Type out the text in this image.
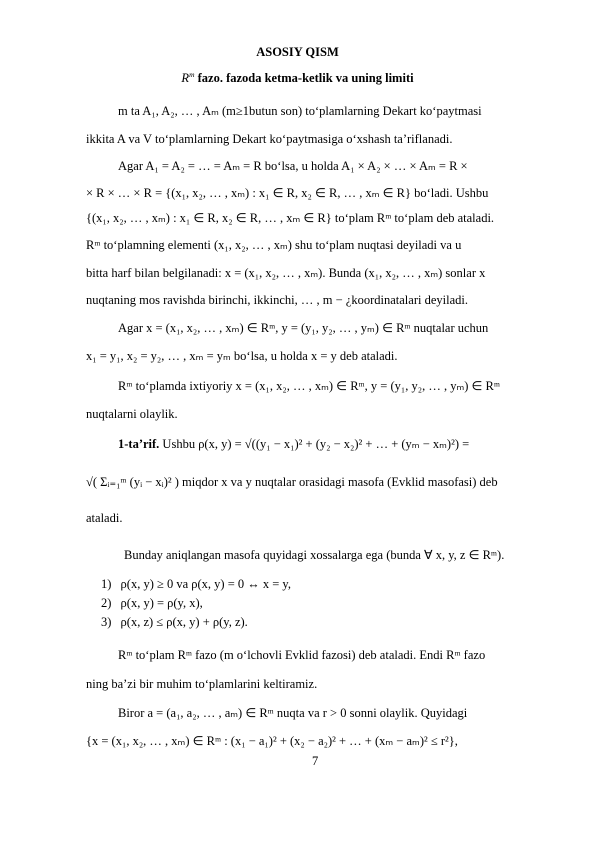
ASOSIY QISM
$R^m$ fazo. fazoda ketma-ketlik va uning limiti
m ta A₁, A₂, … , Aₘ (m≥1butun son) to‘plamlarning Dekart ko‘paytmasi
ikkita A va V to‘plamlarning Dekart ko‘paytmasiga o‘xshash ta’riflanadi.
Agar A₁ = A₂ = … = Aₘ = R bo‘lsa, u holda A₁ × A₂ × … × Aₘ = R ×
× R × … × R = {(x₁, x₂, … , xₘ) : x₁ ∈ R, x₂ ∈ R, … , xₘ ∈ R} bo‘ladi. Ushbu
{(x₁, x₂, … , xₘ) : x₁ ∈ R, x₂ ∈ R, … , xₘ ∈ R} to‘plam Rᵐ to‘plam deb ataladi.
Rᵐ to‘plamning elementi (x₁, x₂, … , xₘ) shu to‘plam nuqtasi deyiladi va u
bitta harf bilan belgilanadi: x = (x₁, x₂, … , xₘ). Bunda (x₁, x₂, … , xₘ) sonlar x
nuqtaning mos ravishda birinchi, ikkinchi, … , m − ¿koordinatalari deyiladi.
Agar x = (x₁, x₂, … , xₘ) ∈ Rᵐ, y = (y₁, y₂, … , yₘ) ∈ Rᵐ nuqtalar uchun
x₁ = y₁, x₂ = y₂, … , xₘ = yₘ bo‘lsa, u holda x = y deb ataladi.
Rᵐ to‘plamda ixtiyoriy x = (x₁, x₂, … , xₘ) ∈ Rᵐ, y = (y₁, y₂, … , yₘ) ∈ Rᵐ
nuqtalarni olaylik.
1-ta’rif. Ushbu ρ(x, y) = √((y₁ − x₁)² + (y₂ − x₂)² + … + (yₘ − xₘ)²) =
√( Σᵢ₌₁ᵐ (yᵢ − xᵢ)² ) miqdor x va y nuqtalar orasidagi masofa (Evklid masofasi) deb
ataladi.
Bunday aniqlangan masofa quyidagi xossalarga ega (bunda ∀ x, y, z ∈ Rᵐ).
1) ρ(x, y) ≥ 0 va ρ(x, y) = 0 ↔ x = y,
2) ρ(x, y) = ρ(y, x),
3) ρ(x, z) ≤ ρ(x, y) + ρ(y, z).
Rᵐ to‘plam Rᵐ fazo (m o‘lchovli Evklid fazosi) deb ataladi. Endi Rᵐ fazo
ning ba’zi bir muhim to‘plamlarini keltiramiz.
Biror a = (a₁, a₂, … , aₘ) ∈ Rᵐ nuqta va r > 0 sonni olaylik. Quyidagi
{x = (x₁, x₂, … , xₘ) ∈ Rᵐ : (x₁ − a₁)² + (x₂ − a₂)² + … + (xₘ − aₘ)² ≤ r²},
7
